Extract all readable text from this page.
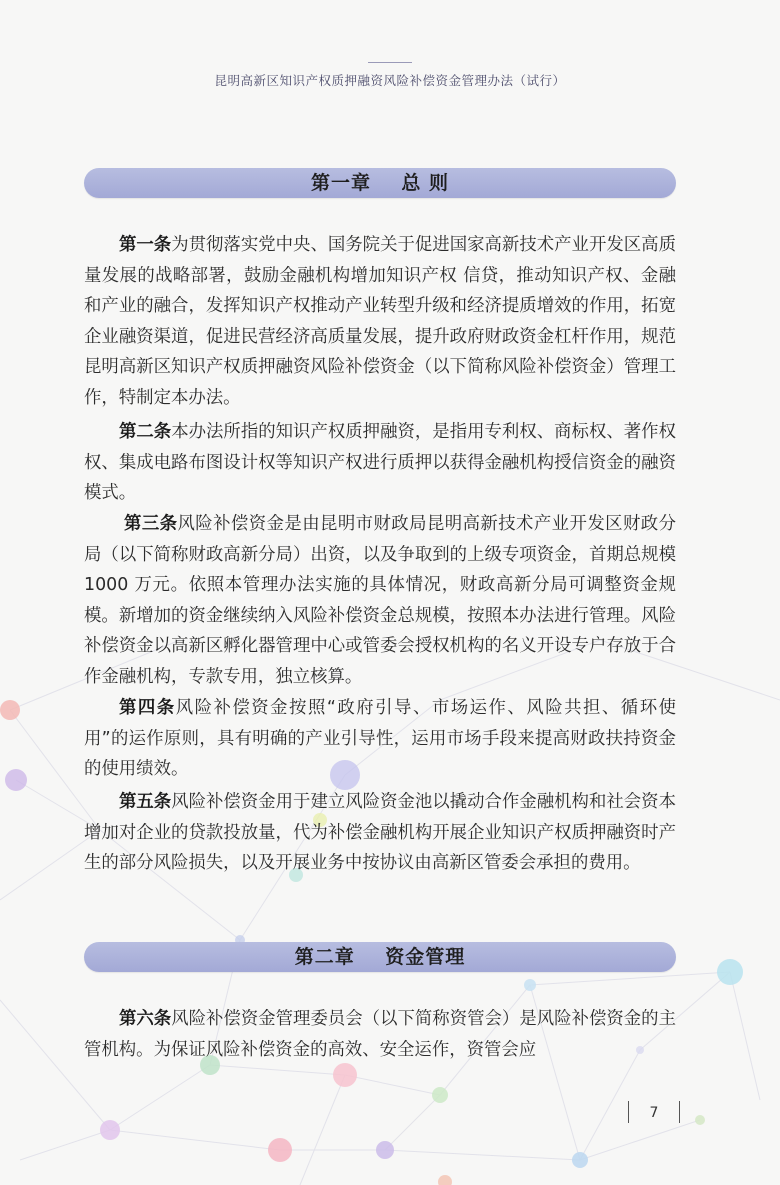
昆明高新区知识产权质押融资风险补偿资金管理办法（试行）
第一章    总 则

第一条为贯彻落实党中央、国务院关于促进国家高新技术产业开发区高质量发展的战略部署，鼓励金融机构增加知识产权 信贷，推动知识产权、金融和产业的融合，发挥知识产权推动产业转型升级和经济提质增效的作用，拓宽企业融资渠道，促进民营经济高质量发展，提升政府财政资金杠杆作用，规范昆明高新区知识产权质押融资风险补偿资金（以下简称风险补偿资金）管理工作，特制定本办法。

第二条本办法所指的知识产权质押融资，是指用专利权、商标权、著作权权、集成电路布图设计权等知识产权进行质押以获得金融机构授信资金的融资模式。

第三条风险补偿资金是由昆明市财政局昆明高新技术产业开发区财政分局（以下简称财政高新分局）出资，以及争取到的上级专项资金，首期总规模 1000 万元。依照本管理办法实施的具体情况，财政高新分局可调整资金规模。新增加的资金继续纳入风险补偿资金总规模，按照本办法进行管理。风险补偿资金以高新区孵化器管理中心或管委会授权机构的名义开设专户存放于合作金融机构，专款专用，独立核算。

第四条风险补偿资金按照“政府引导、市场运作、风险共担、循环使用”的运作原则，具有明确的产业引导性，运用市场手段来提高财政扶持资金的使用绩效。

第五条风险补偿资金用于建立风险资金池以撬动合作金融机构和社会资本增加对企业的贷款投放量，代为补偿金融机构开展企业知识产权质押融资时产生的部分风险损失，以及开展业务中按协议由高新区管委会承担的费用。

第二章    资金管理

第六条风险补偿资金管理委员会（以下简称资管会）是风险补偿资金的主管机构。为保证风险补偿资金的高效、安全运作，资管会应

7
